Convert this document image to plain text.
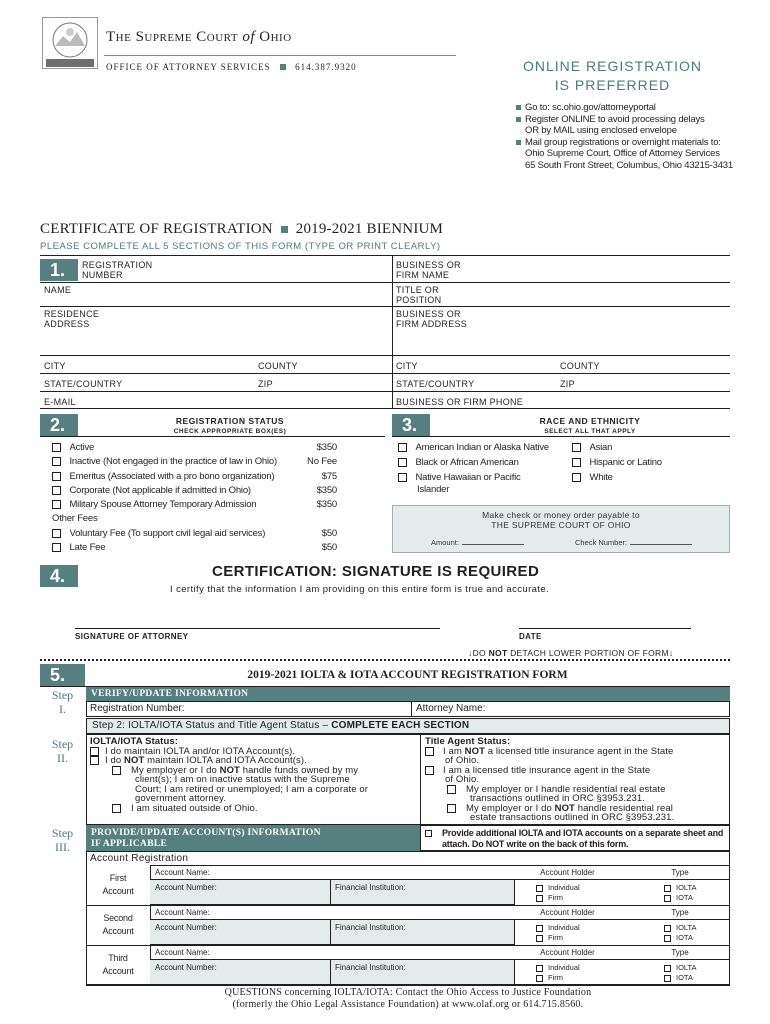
The Supreme Court of Ohio
OFFICE OF ATTORNEY SERVICES	614.387.9320	ONLINE REGISTRATION
IS PREFERRED
Go to: sc.ohio.gov/attorneyportal
Register ONLINE to avoid processing delays
OR by MAIL using enclosed envelope
Mail group registrations or overnight materials to:
Ohio Supreme Court, Office of Attorney Services
65 South Front Street, Columbus, Ohio 43215-3431
CERTIFICATE OF REGISTRATION 2019-2021 BIENNIUM
PLEASE COMPLETE ALL 5 SECTIONS OF THIS FORM (TYPE OR PRINT CLEARLY)
1.	REGISTRATION
NUMBER
NAME
RESIDENCE
ADDRESS
CITY	COUNTY
STATE/COUNTRY	ZIP
E-MAIL
BUSINESS OR
FIRM NAME
TITLE OR
POSITION
BUSINESS OR
FIRM ADDRESS
CITY	COUNTY
STATE/COUNTRY	ZIP
BUSINESS OR FIRM PHONE
2.	REGISTRATION STATUS
CHECK APPROPRIATE BOX(ES)
Active	$350
Inactive (Not engaged in the practice of law in Ohio)	No Fee
Emeritus (Associated with a pro bono organization)	$75
Corporate (Not applicable if admitted in Ohio)	$350
Military Spouse Attorney Temporary Admission	$350
Other Fees
Voluntary Fee (To support civil legal aid services)	$50
Late Fee	$50
3.	RACE AND ETHNICITY
SELECT ALL THAT APPLY
American Indian or Alaska Native
Black or African American
Native Hawaiian or Pacific
Islander
Asian
Hispanic or Latino
White
Make check or money order payable to
THE SUPREME COURT OF OHIO
Amount:	Check Number:
4.	CERTIFICATION: SIGNATURE IS REQUIRED
I certify that the information I am providing on this entire form is true and accurate.
SIGNATURE OF ATTORNEY	DATE
↓DO NOT DETACH LOWER PORTION OF FORM↓
5.	2019-2021 IOLTA & IOTA ACCOUNT REGISTRATION FORM
Step
I.
Step
II.
Step
III.
VERIFY/UPDATE INFORMATION
Registration Number:	Attorney Name:
Step 2: IOLTA/IOTA Status and Title Agent Status – COMPLETE EACH SECTION
IOLTA/IOTA Status:
I do maintain IOLTA and/or IOTA Account(s).
I do NOT maintain IOLTA and IOTA Account(s).
My employer or I do NOT handle funds owned by my
client(s); I am on inactive status with the Supreme
Court; I am retired or unemployed; I am a corporate or
government attorney.
I am situated outside of Ohio.
Title Agent Status:
I am NOT a licensed title insurance agent in the State
of Ohio.
I am a licensed title insurance agent in the State
of Ohio.
My employer or I handle residential real estate
transactions outlined in ORC §3953.231.
My employer or I do NOT handle residential real
estate transactions outlined in ORC §3953.231.
PROVIDE/UPDATE ACCOUNT(S) INFORMATION
IF APPLICABLE
Provide additional IOLTA and IOTA accounts on a separate sheet and
attach. Do NOT write on the back of this form.
Account Registration
First
Account
Account Name:	Account Holder	Type
Account Number:	Financial Institution:	Individual
Firm
IOLTA
IOTA
Second
Account
Account Name:	Account Holder	Type
Account Number:	Financial Institution:	Individual
Firm
IOLTA
IOTA
Third
Account
Account Name:	Account Holder	Type
Account Number:	Financial Institution:	Individual
Firm
IOLTA
IOTA
QUESTIONS concerning IOLTA/IOTA: Contact the Ohio Access to Justice Foundation
(formerly the Ohio Legal Assistance Foundation) at www.olaf.org or 614.715.8560.
